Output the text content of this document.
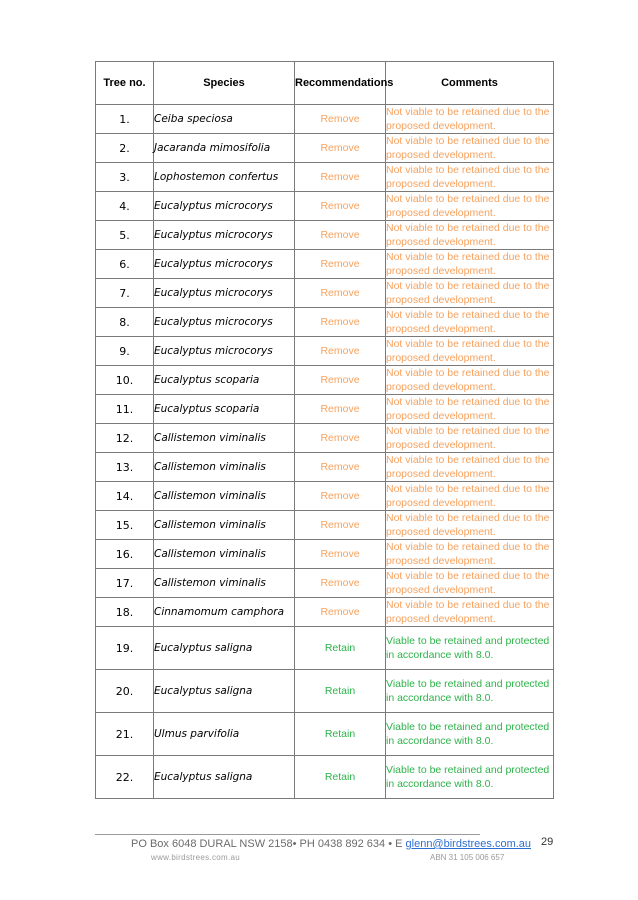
Tree no.	Species	Recommendations	Comments
1.	Ceiba speciosa	Remove	Not viable to be retained due to the proposed development.
2.	Jacaranda mimosifolia	Remove	Not viable to be retained due to the proposed development.
3.	Lophostemon confertus	Remove	Not viable to be retained due to the proposed development.
4.	Eucalyptus microcorys	Remove	Not viable to be retained due to the proposed development.
5.	Eucalyptus microcorys	Remove	Not viable to be retained due to the proposed development.
6.	Eucalyptus microcorys	Remove	Not viable to be retained due to the proposed development.
7.	Eucalyptus microcorys	Remove	Not viable to be retained due to the proposed development.
8.	Eucalyptus microcorys	Remove	Not viable to be retained due to the proposed development.
9.	Eucalyptus microcorys	Remove	Not viable to be retained due to the proposed development.
10.	Eucalyptus scoparia	Remove	Not viable to be retained due to the proposed development.
11.	Eucalyptus scoparia	Remove	Not viable to be retained due to the proposed development.
12.	Callistemon viminalis	Remove	Not viable to be retained due to the proposed development.
13.	Callistemon viminalis	Remove	Not viable to be retained due to the proposed development.
14.	Callistemon viminalis	Remove	Not viable to be retained due to the proposed development.
15.	Callistemon viminalis	Remove	Not viable to be retained due to the proposed development.
16.	Callistemon viminalis	Remove	Not viable to be retained due to the proposed development.
17.	Callistemon viminalis	Remove	Not viable to be retained due to the proposed development.
18.	Cinnamomum camphora	Remove	Not viable to be retained due to the proposed development.
19.	Eucalyptus saligna	Retain	Viable to be retained and protected in accordance with 8.0.
20.	Eucalyptus saligna	Retain	Viable to be retained and protected in accordance with 8.0.
21.	Ulmus parvifolia	Retain	Viable to be retained and protected in accordance with 8.0.
22.	Eucalyptus saligna	Retain	Viable to be retained and protected in accordance with 8.0.
PO Box 6048 DURAL NSW 2158• PH 0438 892 634 • E glenn@birdstrees.com.au
www.birdstrees.com.au	ABN 31 105 006 657
29
